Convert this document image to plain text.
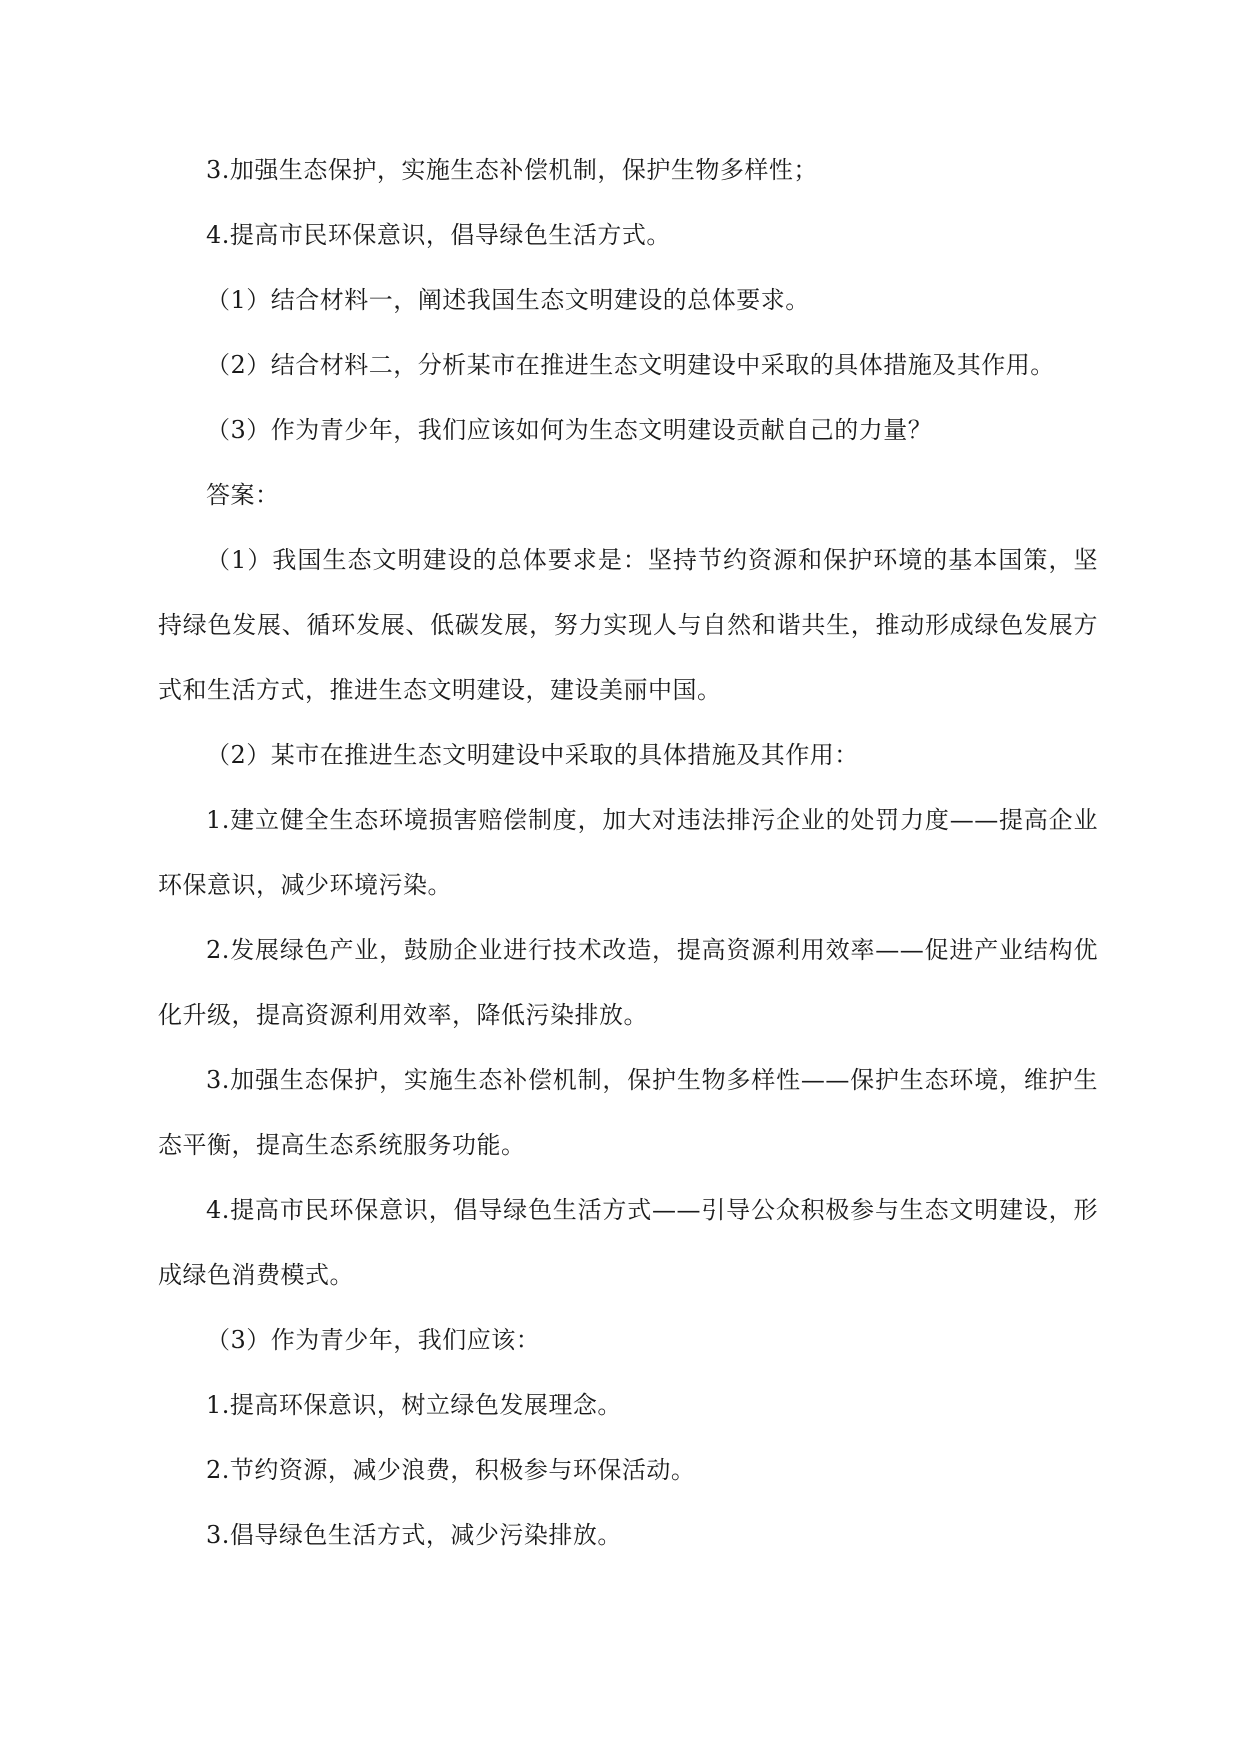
3.加强生态保护，实施生态补偿机制，保护生物多样性；

4.提高市民环保意识，倡导绿色生活方式。

（1）结合材料一，阐述我国生态文明建设的总体要求。

（2）结合材料二，分析某市在推进生态文明建设中采取的具体措施及其作用。

（3）作为青少年，我们应该如何为生态文明建设贡献自己的力量？

答案：

（1）我国生态文明建设的总体要求是：坚持节约资源和保护环境的基本国策，坚持绿色发展、循环发展、低碳发展，努力实现人与自然和谐共生，推动形成绿色发展方式和生活方式，推进生态文明建设，建设美丽中国。

（2）某市在推进生态文明建设中采取的具体措施及其作用：

1.建立健全生态环境损害赔偿制度，加大对违法排污企业的处罚力度——提高企业环保意识，减少环境污染。

2.发展绿色产业，鼓励企业进行技术改造，提高资源利用效率——促进产业结构优化升级，提高资源利用效率，降低污染排放。

3.加强生态保护，实施生态补偿机制，保护生物多样性——保护生态环境，维护生态平衡，提高生态系统服务功能。

4.提高市民环保意识，倡导绿色生活方式——引导公众积极参与生态文明建设，形成绿色消费模式。

（3）作为青少年，我们应该：

1.提高环保意识，树立绿色发展理念。

2.节约资源，减少浪费，积极参与环保活动。

3.倡导绿色生活方式，减少污染排放。
